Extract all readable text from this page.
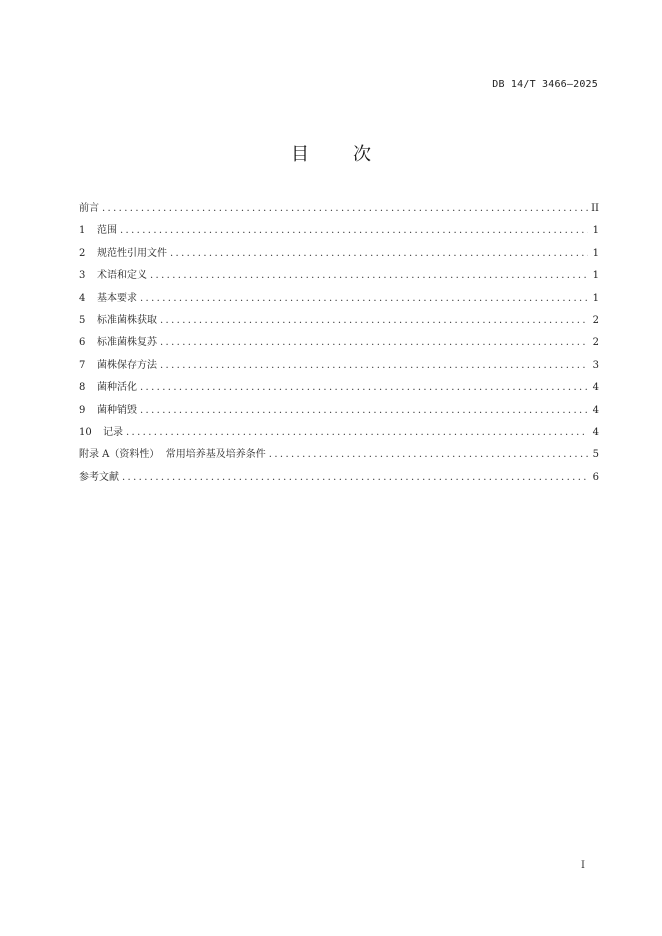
DB 14/T 3466—2025
目 次
前言 . . .	II
1	范围 . . .	1
2	规范性引用文件 . . .	1
3	术语和定义 . . .	1
4	基本要求 . . .	1
5	标准菌株获取 . . .	2
6	标准菌株复苏 . . .	2
7	菌株保存方法 . . .	3
8	菌种活化 . . .	4
9	菌种销毁 . . .	4
10	记录 . . .	4
附录 A（资料性）  常用培养基及培养条件 . . .	5
参考文献 . . .	6
I
